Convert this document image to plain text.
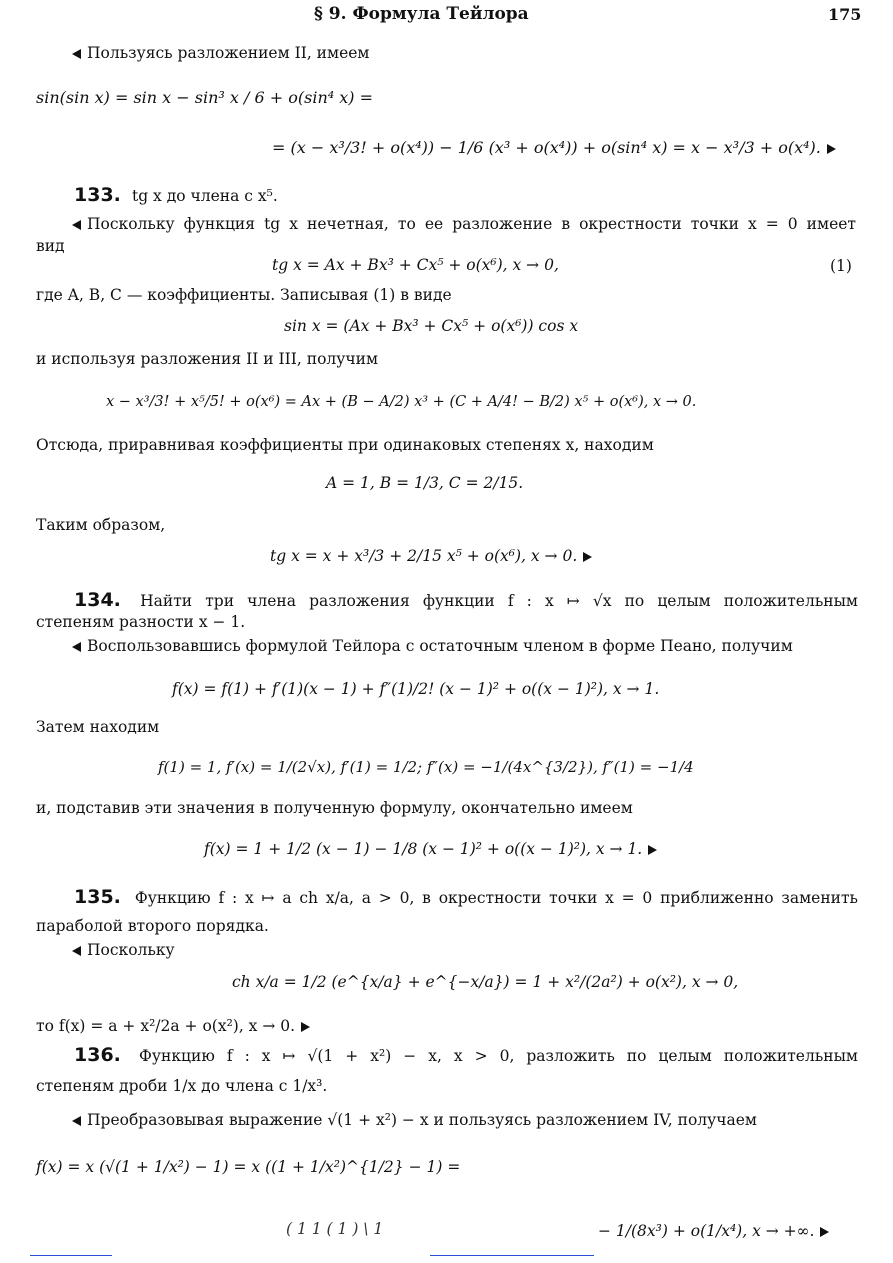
§ 9. Формула Тейлора	175
Пользуясь разложением II, имеем
sin(sin x) = sin x − sin³ x / 6 + o(sin⁴ x) =
= (x − x³/3! + o(x⁴)) − 1/6 (x³ + o(x⁴)) + o(sin⁴ x) = x − x³/3 + o(x⁴).
133. tg x до члена с x⁵.
Поскольку функция tg x нечетная, то ее разложение в окрестности точки x = 0 имеет
вид
tg x = Ax + Bx³ + Cx⁵ + o(x⁶), x → 0,	(1)
где A, B, C — коэффициенты. Записывая (1) в виде
sin x = (Ax + Bx³ + Cx⁵ + o(x⁶)) cos x
и используя разложения II и III, получим
x − x³/3! + x⁵/5! + o(x⁶) = Ax + (B − A/2) x³ + (C + A/4! − B/2) x⁵ + o(x⁶), x → 0.
Отсюда, приравнивая коэффициенты при одинаковых степенях x, находим
A = 1, B = 1/3, C = 2/15.
Таким образом,
tg x = x + x³/3 + 2/15 x⁵ + o(x⁶), x → 0.
134. Найти три члена разложения функции f : x ↦ √x по целым положительным
степеням разности x − 1.
Воспользовавшись формулой Тейлора с остаточным членом в форме Пеано, получим
f(x) = f(1) + f′(1)(x − 1) + f″(1)/2! (x − 1)² + o((x − 1)²), x → 1.
Затем находим
f(1) = 1, f′(x) = 1/(2√x), f′(1) = 1/2; f″(x) = −1/(4x^{3/2}), f″(1) = −1/4
и, подставив эти значения в полученную формулу, окончательно имеем
f(x) = 1 + 1/2 (x − 1) − 1/8 (x − 1)² + o((x − 1)²), x → 1.
135. Функцию f : x ↦ a ch x/a, a > 0, в окрестности точки x = 0 приближенно заменить
параболой второго порядка.
Поскольку
ch x/a = 1/2 (e^{x/a} + e^{−x/a}) = 1 + x²/(2a²) + o(x²), x → 0,
то f(x) = a + x²/2a + o(x²), x → 0.
136. Функцию f : x ↦ √(1 + x²) − x, x > 0, разложить по целым положительным
степеням дроби 1/x до члена с 1/x³.
Преобразовывая выражение √(1 + x²) − x и пользуясь разложением IV, получаем
f(x) = x (√(1 + 1/x²) − 1) = x ((1 + 1/x²)^{1/2} − 1) =
( 1 1 ( 1 ) \ 1	− 1/(8x³) + o(1/x⁴), x → +∞.
